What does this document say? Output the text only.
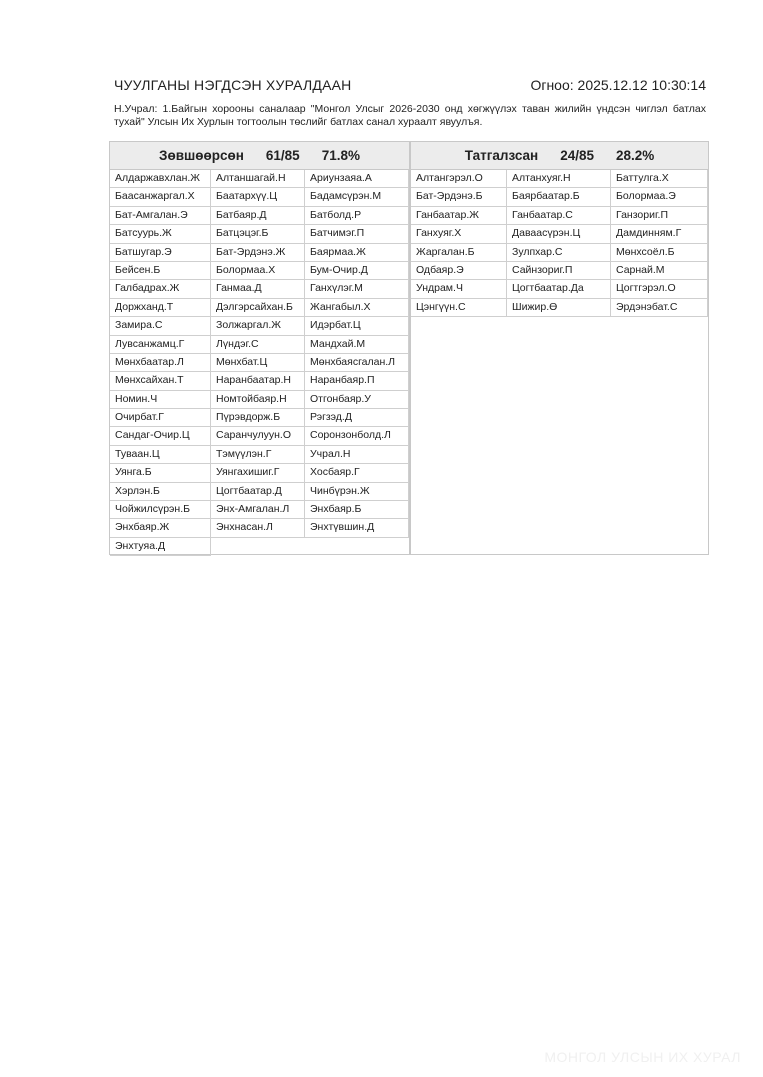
ЧУУЛГАНЫ НЭГДСЭН ХУРАЛДААН	Огноо: 2025.12.12 10:30:14
Н.Учрал: 1.Байгын хорооны саналаар "Монгол Улсыг 2026-2030 онд хөгжүүлэх таван жилийн үндсэн чиглэл батлах тухай" Улсын Их Хурлын тогтоолын төслийг батлах санал хураалт явуулъя.
Зөвшөөрсөн 61/85 71.8%
Алдаржавхлан.Ж	Алтаншагай.Н	Ариунзаяа.А
Баасанжаргал.Х	Баатархүү.Ц	Бадамсүрэн.М
Бат-Амгалан.Э	Батбаяр.Д	Батболд.Р
Батсуурь.Ж	Батцэцэг.Б	Батчимэг.П
Батшугар.Э	Бат-Эрдэнэ.Ж	Баярмаа.Ж
Бейсен.Б	Болормаа.Х	Бум-Очир.Д
Галбадрах.Ж	Ганмаа.Д	Ганхүлэг.М
Доржханд.Т	Дэлгэрсайхан.Б	Жангабыл.Х
Замира.С	Золжаргал.Ж	Идэрбат.Ц
Лувсанжамц.Г	Лүндэг.С	Мандхай.М
Мөнхбаатар.Л	Мөнхбат.Ц	Мөнхбаясгалан.Л
Мөнхсайхан.Т	Наранбаатар.Н	Наранбаяр.П
Номин.Ч	Номтойбаяр.Н	Отгонбаяр.У
Очирбат.Г	Пүрэвдорж.Б	Рэгзэд.Д
Сандаг-Очир.Ц	Саранчулуун.О	Соронзонболд.Л
Туваан.Ц	Тэмүүлэн.Г	Учрал.Н
Уянга.Б	Уянгахишиг.Г	Хосбаяр.Г
Хэрлэн.Б	Цогтбаатар.Д	Чинбүрэн.Ж
Чойжилсүрэн.Б	Энх-Амгалан.Л	Энхбаяр.Б
Энхбаяр.Ж	Энхнасан.Л	Энхтүвшин.Д
Энхтуяа.Д
Татгалзсан 24/85 28.2%
Алтангэрэл.О	Алтанхуяг.Н	Баттулга.Х
Бат-Эрдэнэ.Б	Баярбаатар.Б	Болормаа.Э
Ганбаатар.Ж	Ганбаатар.С	Ганзориг.П
Ганхуяг.Х	Даваасүрэн.Ц	Дамдинням.Г
Жаргалан.Б	Зулпхар.С	Мөнхсоёл.Б
Одбаяр.Э	Сайнзориг.П	Сарнай.М
Ундрам.Ч	Цогтбаатар.Да	Цогтгэрэл.О
Цэнгүүн.С	Шижир.Ө	Эрдэнэбат.С
МОНГОЛ УЛСЫН ИХ ХУРАЛ
